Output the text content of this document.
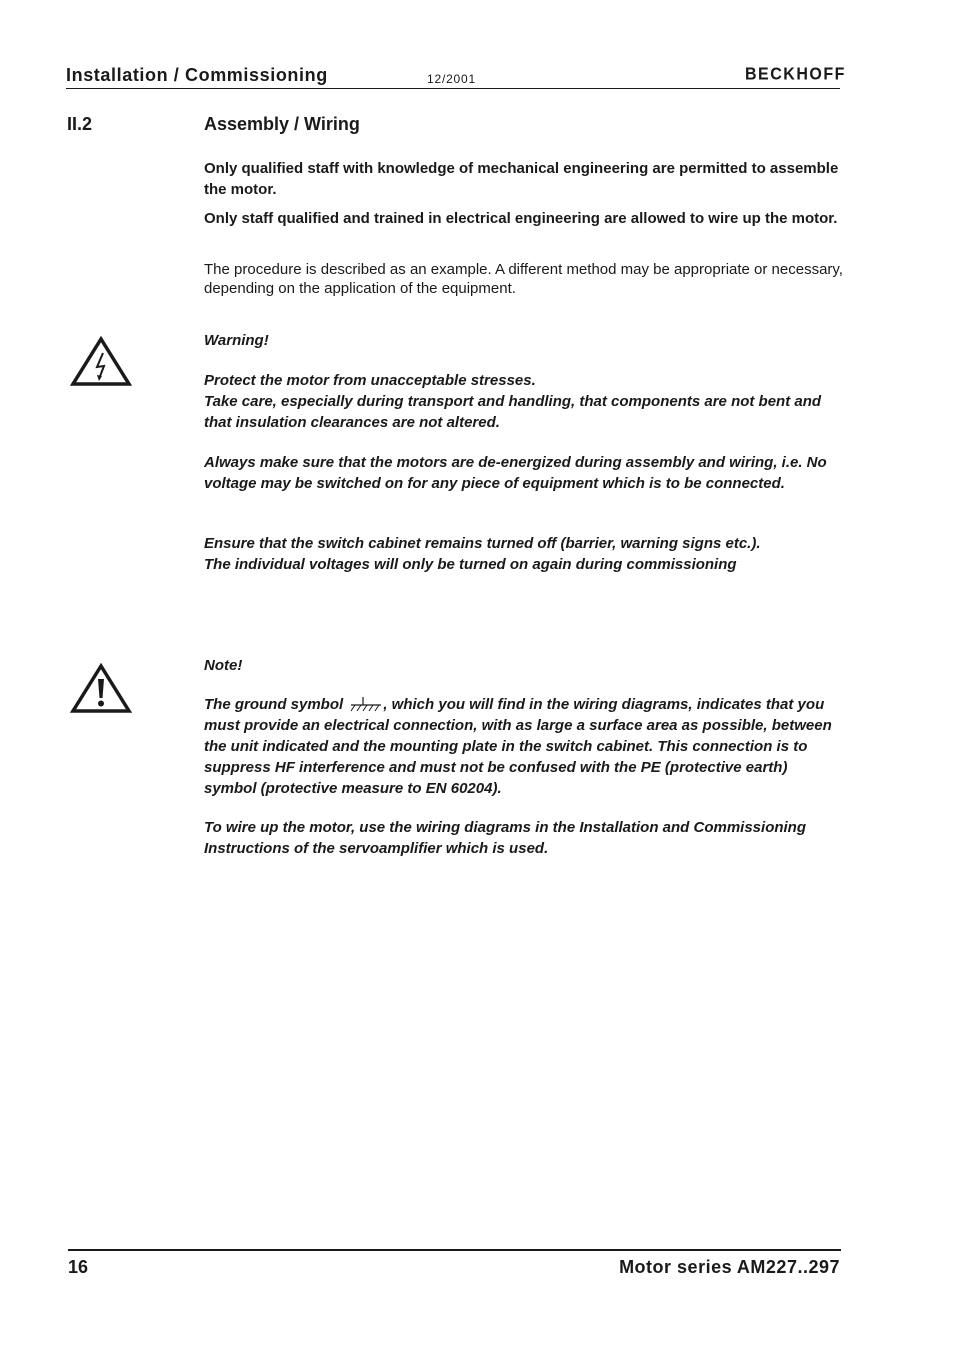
Installation / Commissioning	12/2001	BECKHOFF
II.2	Assembly / Wiring
Only qualified staff with knowledge of mechanical engineering are permitted to assemble the motor.
Only staff qualified and trained in electrical engineering are allowed to wire up the motor.
The procedure is described as an example. A different method may be appropriate or necessary, depending on the application of the equipment.
Warning!

Protect the motor from unacceptable stresses.

Take care, especially during transport and handling, that components are not bent and that insulation clearances are not altered.

Always make sure that the motors are de-energized during assembly and wiring, i.e. No voltage may be switched on for any piece of equipment which is to be connected.

Ensure that the switch cabinet remains turned off (barrier, warning signs etc.).

The individual voltages will only be turned on again during commissioning

Note!
The ground symbol	, which you will find in the wiring diagrams, indicates that you must provide an electrical connection, with as large a surface area as possible, between the unit indicated and the mounting plate in the switch cabinet. This connection is to suppress HF interference and must not be confused with the PE (protective earth) symbol (protective measure to EN 60204).
To wire up the motor, use the wiring diagrams in the Installation and Commissioning Instructions of the servoamplifier which is used.
16	Motor series AM227..297
